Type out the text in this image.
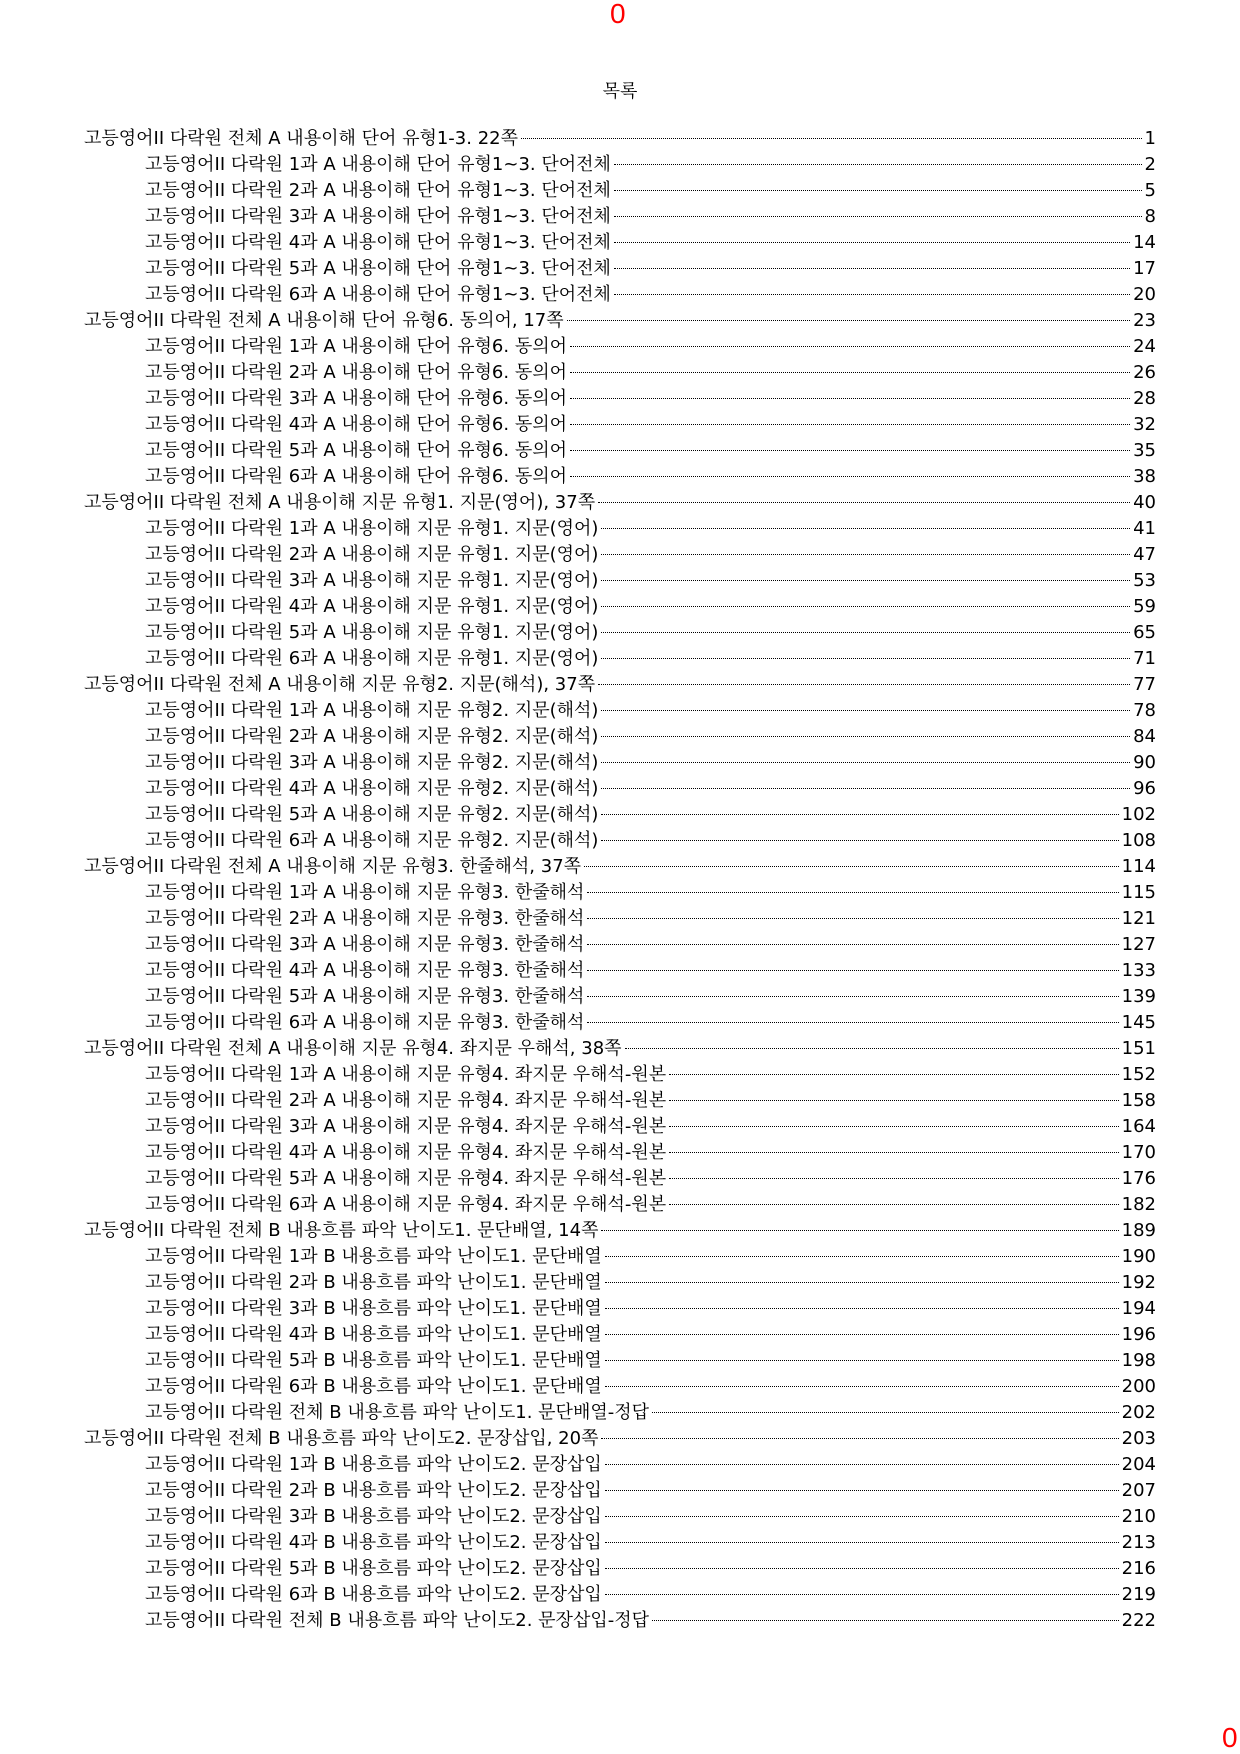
0
목록
고등영어II 다락원 전체 A 내용이해 단어 유형1-3. 22쪽	1
고등영어II 다락원 1과 A 내용이해 단어 유형1~3. 단어전체	2
고등영어II 다락원 2과 A 내용이해 단어 유형1~3. 단어전체	5
고등영어II 다락원 3과 A 내용이해 단어 유형1~3. 단어전체	8
고등영어II 다락원 4과 A 내용이해 단어 유형1~3. 단어전체	14
고등영어II 다락원 5과 A 내용이해 단어 유형1~3. 단어전체	17
고등영어II 다락원 6과 A 내용이해 단어 유형1~3. 단어전체	20
고등영어II 다락원 전체 A 내용이해 단어 유형6. 동의어, 17쪽	23
고등영어II 다락원 1과 A 내용이해 단어 유형6. 동의어	24
고등영어II 다락원 2과 A 내용이해 단어 유형6. 동의어	26
고등영어II 다락원 3과 A 내용이해 단어 유형6. 동의어	28
고등영어II 다락원 4과 A 내용이해 단어 유형6. 동의어	32
고등영어II 다락원 5과 A 내용이해 단어 유형6. 동의어	35
고등영어II 다락원 6과 A 내용이해 단어 유형6. 동의어	38
고등영어II 다락원 전체 A 내용이해 지문 유형1. 지문(영어), 37쪽	40
고등영어II 다락원 1과 A 내용이해 지문 유형1. 지문(영어)	41
고등영어II 다락원 2과 A 내용이해 지문 유형1. 지문(영어)	47
고등영어II 다락원 3과 A 내용이해 지문 유형1. 지문(영어)	53
고등영어II 다락원 4과 A 내용이해 지문 유형1. 지문(영어)	59
고등영어II 다락원 5과 A 내용이해 지문 유형1. 지문(영어)	65
고등영어II 다락원 6과 A 내용이해 지문 유형1. 지문(영어)	71
고등영어II 다락원 전체 A 내용이해 지문 유형2. 지문(해석), 37쪽	77
고등영어II 다락원 1과 A 내용이해 지문 유형2. 지문(해석)	78
고등영어II 다락원 2과 A 내용이해 지문 유형2. 지문(해석)	84
고등영어II 다락원 3과 A 내용이해 지문 유형2. 지문(해석)	90
고등영어II 다락원 4과 A 내용이해 지문 유형2. 지문(해석)	96
고등영어II 다락원 5과 A 내용이해 지문 유형2. 지문(해석)	102
고등영어II 다락원 6과 A 내용이해 지문 유형2. 지문(해석)	108
고등영어II 다락원 전체 A 내용이해 지문 유형3. 한줄해석, 37쪽	114
고등영어II 다락원 1과 A 내용이해 지문 유형3. 한줄해석	115
고등영어II 다락원 2과 A 내용이해 지문 유형3. 한줄해석	121
고등영어II 다락원 3과 A 내용이해 지문 유형3. 한줄해석	127
고등영어II 다락원 4과 A 내용이해 지문 유형3. 한줄해석	133
고등영어II 다락원 5과 A 내용이해 지문 유형3. 한줄해석	139
고등영어II 다락원 6과 A 내용이해 지문 유형3. 한줄해석	145
고등영어II 다락원 전체 A 내용이해 지문 유형4. 좌지문 우해석, 38쪽	151
고등영어II 다락원 1과 A 내용이해 지문 유형4. 좌지문 우해석-원본	152
고등영어II 다락원 2과 A 내용이해 지문 유형4. 좌지문 우해석-원본	158
고등영어II 다락원 3과 A 내용이해 지문 유형4. 좌지문 우해석-원본	164
고등영어II 다락원 4과 A 내용이해 지문 유형4. 좌지문 우해석-원본	170
고등영어II 다락원 5과 A 내용이해 지문 유형4. 좌지문 우해석-원본	176
고등영어II 다락원 6과 A 내용이해 지문 유형4. 좌지문 우해석-원본	182
고등영어II 다락원 전체 B 내용흐름 파악 난이도1. 문단배열, 14쪽	189
고등영어II 다락원 1과 B 내용흐름 파악 난이도1. 문단배열	190
고등영어II 다락원 2과 B 내용흐름 파악 난이도1. 문단배열	192
고등영어II 다락원 3과 B 내용흐름 파악 난이도1. 문단배열	194
고등영어II 다락원 4과 B 내용흐름 파악 난이도1. 문단배열	196
고등영어II 다락원 5과 B 내용흐름 파악 난이도1. 문단배열	198
고등영어II 다락원 6과 B 내용흐름 파악 난이도1. 문단배열	200
고등영어II 다락원 전체 B 내용흐름 파악 난이도1. 문단배열-정답	202
고등영어II 다락원 전체 B 내용흐름 파악 난이도2. 문장삽입, 20쪽	203
고등영어II 다락원 1과 B 내용흐름 파악 난이도2. 문장삽입	204
고등영어II 다락원 2과 B 내용흐름 파악 난이도2. 문장삽입	207
고등영어II 다락원 3과 B 내용흐름 파악 난이도2. 문장삽입	210
고등영어II 다락원 4과 B 내용흐름 파악 난이도2. 문장삽입	213
고등영어II 다락원 5과 B 내용흐름 파악 난이도2. 문장삽입	216
고등영어II 다락원 6과 B 내용흐름 파악 난이도2. 문장삽입	219
고등영어II 다락원 전체 B 내용흐름 파악 난이도2. 문장삽입-정답	222
0
